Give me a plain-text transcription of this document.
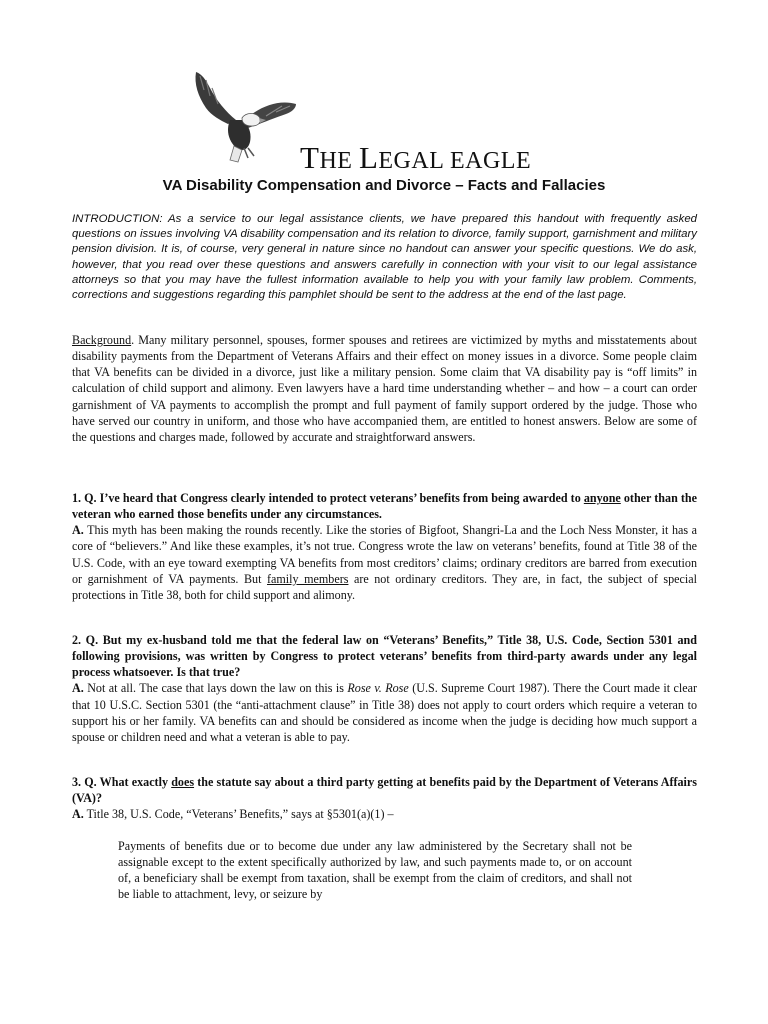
THE LEGAL EAGLE
VA Disability Compensation and Divorce – Facts and Fallacies

INTRODUCTION: As a service to our legal assistance clients, we have prepared this handout with frequently asked questions on issues involving VA disability compensation and its relation to divorce, family support, garnishment and military pension division. It is, of course, very general in nature since no handout can answer your specific questions. We do ask, however, that you read over these questions and answers carefully in connection with your visit to our legal assistance attorneys so that you may have the fullest information available to help you with your family law problem. Comments, corrections and suggestions regarding this pamphlet should be sent to the address at the end of the last page.

Background. Many military personnel, spouses, former spouses and retirees are victimized by myths and misstatements about disability payments from the Department of Veterans Affairs and their effect on money issues in a divorce. Some people claim that VA benefits can be divided in a divorce, just like a military pension. Some claim that VA disability pay is “off limits” in calculation of child support and alimony. Even lawyers have a hard time understanding whether – and how – a court can order garnishment of VA payments to accomplish the prompt and full payment of family support ordered by the judge. Those who have served our country in uniform, and those who have accompanied them, are entitled to honest answers. Below are some of the questions and charges made, followed by accurate and straightforward answers.

1. Q. I’ve heard that Congress clearly intended to protect veterans’ benefits from being awarded to anyone other than the veteran who earned those benefits under any circumstances.

A. This myth has been making the rounds recently. Like the stories of Bigfoot, Shangri-La and the Loch Ness Monster, it has a core of “believers.” And like these examples, it’s not true. Congress wrote the law on veterans’ benefits, found at Title 38 of the U.S. Code, with an eye toward exempting VA benefits from most creditors’ claims; ordinary creditors are barred from execution or garnishment of VA payments. But family members are not ordinary creditors. They are, in fact, the subject of special protections in Title 38, both for child support and alimony.

2. Q. But my ex-husband told me that the federal law on “Veterans’ Benefits,” Title 38, U.S. Code, Section 5301 and following provisions, was written by Congress to protect veterans’ benefits from third-party awards under any legal process whatsoever. Is that true?

A. Not at all. The case that lays down the law on this is Rose v. Rose (U.S. Supreme Court 1987). There the Court made it clear that 10 U.S.C. Section 5301 (the “anti-attachment clause” in Title 38) does not apply to court orders which require a veteran to support his or her family. VA benefits can and should be considered as income when the judge is deciding how much support a spouse or children need and what a veteran is able to pay.

3. Q. What exactly does the statute say about a third party getting at benefits paid by the Department of Veterans Affairs (VA)?

A. Title 38, U.S. Code, “Veterans’ Benefits,” says at §5301(a)(1) –

Payments of benefits due or to become due under any law administered by the Secretary shall not be assignable except to the extent specifically authorized by law, and such payments made to, or on account of, a beneficiary shall be exempt from taxation, shall be exempt from the claim of creditors, and shall not be liable to attachment, levy, or seizure by
